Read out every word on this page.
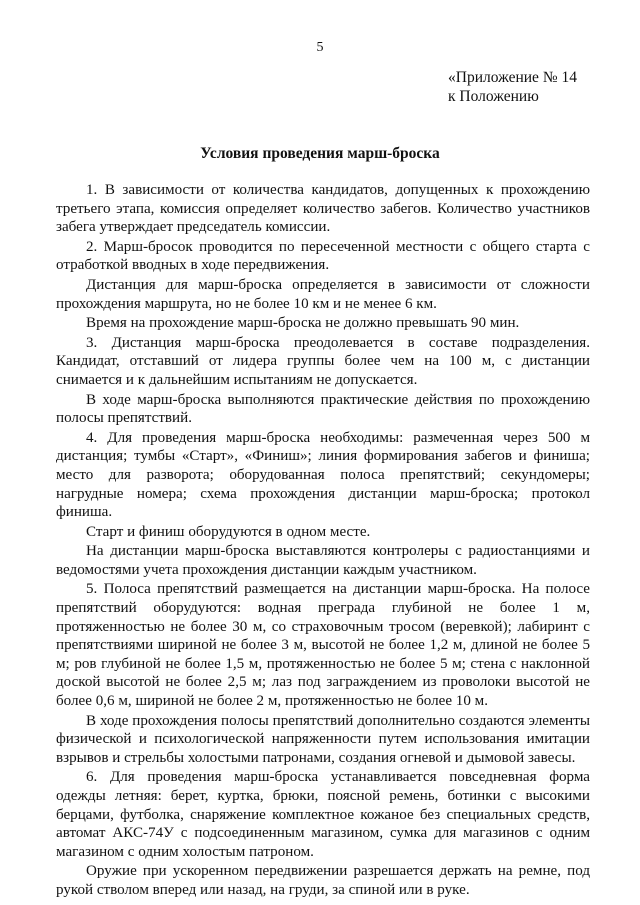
5
«Приложение № 14
к Положению
Условия проведения марш-броска

1. В зависимости от количества кандидатов, допущенных к прохождению третьего этапа, комиссия определяет количество забегов. Количество участников забега утверждает председатель комиссии.

2. Марш-бросок проводится по пересеченной местности с общего старта с отработкой вводных в ходе передвижения.

Дистанция для марш-броска определяется в зависимости от сложности прохождения маршрута, но не более 10 км и не менее 6 км.

Время на прохождение марш-броска не должно превышать 90 мин.

3. Дистанция марш-броска преодолевается в составе подразделения. Кандидат, отставший от лидера группы более чем на 100 м, с дистанции снимается и к дальнейшим испытаниям не допускается.

В ходе марш-броска выполняются практические действия по прохождению полосы препятствий.

4. Для проведения марш-броска необходимы: размеченная через 500 м дистанция; тумбы «Старт», «Финиш»; линия формирования забегов и финиша; место для разворота; оборудованная полоса препятствий; секундомеры; нагрудные номера; схема прохождения дистанции марш-броска; протокол финиша.

Старт и финиш оборудуются в одном месте.

На дистанции марш-броска выставляются контролеры с радиостанциями и ведомостями учета прохождения дистанции каждым участником.

5. Полоса препятствий размещается на дистанции марш-броска. На полосе препятствий оборудуются: водная преграда глубиной не более 1 м, протяженностью не более 30 м, со страховочным тросом (веревкой); лабиринт с препятствиями шириной не более 3 м, высотой не более 1,2 м, длиной не более 5 м; ров глубиной не более 1,5 м, протяженностью не более 5 м; стена с наклонной доской высотой не более 2,5 м; лаз под заграждением из проволоки высотой не более 0,6 м, шириной не более 2 м, протяженностью не более 10 м.

В ходе прохождения полосы препятствий дополнительно создаются элементы физической и психологической напряженности путем использования имитации взрывов и стрельбы холостыми патронами, создания огневой и дымовой завесы.

6. Для проведения марш-броска устанавливается повседневная форма одежды летняя: берет, куртка, брюки, поясной ремень, ботинки с высокими берцами, футболка, снаряжение комплектное кожаное без специальных средств, автомат АКС-74У с подсоединенным магазином, сумка для магазинов с одним магазином с одним холостым патроном.

Оружие при ускоренном передвижении разрешается держать на ремне, под рукой стволом вперед или назад, на груди, за спиной или в руке.
